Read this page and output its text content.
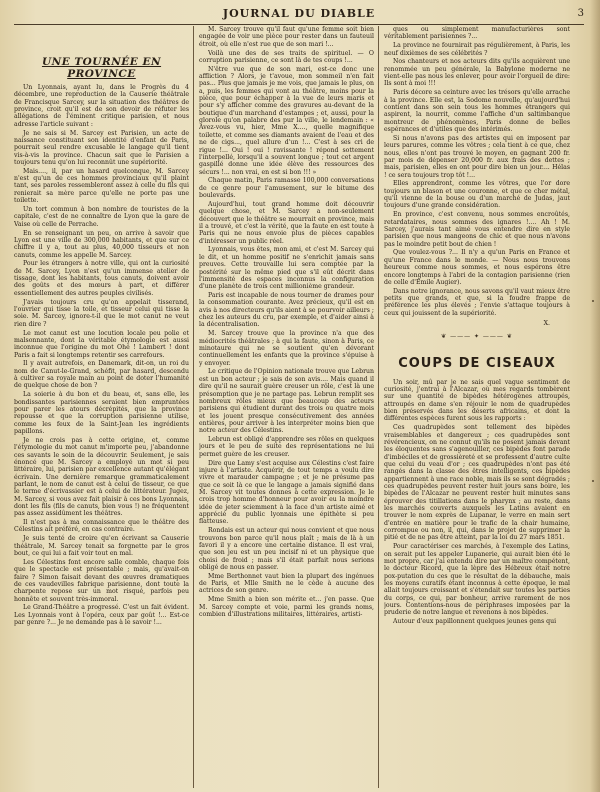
JOURNAL DU DIABLE	3
UNE TOURNÉE EN PROVINCE

Un Lyonnais, ayant lu, dans le Progrès du 4 décembre, une reproduction de la Causerie théâtrale de Francisque Sarcey, sur la situation des théâtres de province, croit qu'il est de son devoir de réfuter les allégations de l'éminent critique parisien, et nous adresse l'article suivant :

Je ne sais si M. Sarcey est Parisien, un acte de naissance constituant son identité d'enfant de Paris, pourrait seul rendre excusable le langage qu'il tient vis-à-vis la province. Chacun sait que le Parisien a toujours tenu qu'on lui reconnût une supériorité.

Mais...., il, par un hasard quelconque, M. Sarcey n'est qu'un de ces hommes provinciaux qu'il plaint tant, ses paroles ressembleront assez à celle du fils qui renierait sa mère parce qu'elle ne porte pas une toilette.

Un tort commun à bon nombre de touristes de la capitale, c'est de ne connaître de Lyon que la gare de Vaise où celle de Perrache.

En se renseignant un peu, on arrive à savoir que Lyon est une ville de 300,000 habitants, et que sur ce chiffre il y a, tout au plus, 40,000 tisseurs et non canuts, comme les appelle M. Sarcey.

Pour les étrangers à notre ville, qui ont la curiosité de M. Sarcey, Lyon n'est qu'un immense atelier de tissage, dont les habitants, tous canuts, doivent avoir des goûts et des mœurs à part, et différer essentiellement des autres peuples civilisés.

J'avais toujours cru qu'on appelait tisserand, l'ouvrier qui tisse la toile, et tisseur celui qui tisse la soie. M. Sarcey, ignore-t-il que le mot canut ne veut rien dire ?

Le mot canut est une locution locale peu polie et malsonnante, dont la véritable étymologie est aussi inconnue que l'origine du mot Ohé ! Lambert ! dont Paris a fait si longtemps retentir ses carrefours.

Il y avait autrefois, en Danemark, dit-on, un roi du nom de Canut-le-Grand, schéfit, par hasard, descendu à cultiver sa royale main au point de doter l'humanité de quelque chose de bon ?

La soierie à du bon et du beau, et, sans elle, les bondissantes parisiennes seraient bien empruntées pour parer les atours décrépités, que la province repousse et que la corruption parisienne utilise, comme les feux de la Saint-Jean les ingrédients papillons.

Je ne crois pas à cette origine, et, comme l'étymologie du mot canut m'importe peu, j'abandonne ces savants le soin de la découvrir. Seulement, je sais énoncé que M. Sarcey a employé un mot si peu littéraire, lui, parisien par excellence autant qu'élégant écrivain. Une dernière remarque grammaticalement parlant, le nom de canut est à celui de tisseur, ce que le terme d'écrivassier est à celui de littérateur. Jugez, M. Sarcey, si vous avez fait plaisir à ces bons Lyonnais, dont les fils (fils de canuts, bien vous !) ne fréquentent pas assez assidûment les théâtres.

Il n'est pas à ma connaissance que le théâtre des Célestins ait préféré, en cas contraire.

Je suis tenté de croire qu'en écrivant sa Causerie théâtrale, M. Sarcey tenait sa forgnette par le gros bout, ce qui lui a fait voir tout en mal.

Les Célestins font encore salle comble, chaque fois que le spectacle est présentable ; mais, qu'avait-on faire ? Simon faisait devant des œuvres dramatiques de ces vaudevilles fabrique parisienne, dont toute la charpente repose sur un mot risqué, parfois peu honnête et souvent très-immoral.

Le Grand-Théâtre a progressé. C'est un fait évident. Les Lyonnais vont à l'opéra, ceux par goût !... Est-ce par genre ?... Je ne demande pas à le savoir !...

M. Sarcey trouve qu'il faut qu'une femme soit bien engagée de voir une pièce pour rester dans un fauteuil étroit, où elle n'est rue que de son mari !...

Voilà une des de ses traits de spirituel. — O corruption parisienne, ce sont là de tes coups !...

N'être vue que de son mari, est-ce donc une affliction ? Alors, je t'avoue, mon sommeil n'en fait pas... Plus que jamais je me vois, que jamais le plus, on a, puis, les femmes qui vont au théâtre, moins pour la pièce, que pour échapper à la vue de leurs maris et pour s'y afficher comme des gravures au-devant de la boutique d'un marchand d'estampes ; et, aussi, pour la glorole qu'on palabre des pur la ville, le lendemain : « Avez-vous vu, hier, Mme X...., quelle magnifique toilette, et comme ses diamants avaient de l'eau et des ne de cigs..., quel allure d'un !... C'est à ses cri de rigue !... Oui ! oui ! ravissante ! répond sottement l'interpellé, lorsqu'il a souvent longue ; tout cet argent gaspillé donne une idée élève des ressources des sécurs !... non vrai, en est si bon !!! »

Chaque matin, Paris ramasse 100,000 conversations de ce genre pour l'amusement, sur le bitume des boulevards.

Aujourd'hui, tout grand homme doit découvrir quelque chose, et M. Sarcey a non-seulement découvert que le théâtre se mourrait en province, mais il a trouvé, et c'est la vérité, que la faute en est toute à Paris qui ne nous envoie plus de pièces capables d'intéresser un public réel.

Lyonnais, vous êtes, mon ami, et c'est M. Sarcey qui le dit, et un homme positif ne s'enrichit jamais sans preuves. Cette trouvaille lui sera comptée par la postérité sur le même pied que s'il eût décrit dans l'immensité des espaces inconnus la configuration d'une planète de trois cent millionième grandeur.

Paris est incapable de nous tourner de drames pour la consommation courante. Avez précieux, qu'il est en avis à nos directeurs qu'ils aient à se pourvoir ailleurs ; chez les auteurs du cru, par exemple, et d'aider ainsi à la décentralisation.

M. Sarcey trouve que la province n'a que des médiocrités théâtrales ; à qui la faute, sinon à Paris, ce minotaure qui ne se soutient qu'en dévorant continuellement les enfants que la province s'épuise à y envoyer.

Le critique de l'Opinion nationale trouve que Lebrun est un bon acteur ; je sais de son avis.... Mais quand il dire qu'il ne saurait guère creuser un rôle, c'est là une présomption que je ne partage pas. Lebrun remplit ses nombreux rôles mieux que beaucoup des acteurs parisiens qui étudient durant des trois ou quatre mois et les jouent presque consécutivement des années entières, pour arriver à les interpréter moins bien que notre acteur des Célestins.

Lebrun est obligé d'apprendre ses rôles en quelques jours et le peu de suite des représentations ne lui permet guère de les creuser.

Dire que Lamy s'est acquise aux Célestins c'est faire injure à l'artiste. Acquérir, de tout temps a voulu dire vivre et marauder campagne ; et je ne présume pas que ce soit là ce que le langage a jamais signifié dans M. Sarcey vit toutes donnes à cette expression. Je le crois trop homme d'honneur pour avoir eu la moindre idée de jeter sciemment à la face d'un artiste aimé et apprécié du public lyonnais une épithète si peu flatteuse.

Rondais est un acteur qui nous convient et que nous trouvons bon parce qu'il nous plaît ; mais de là à un favori il y a encore une certaine distance. Il est vrai, que son jeu est un peu incisif ni et un physique que choisi de froid ; mais s'il était parfait nous serions obligé de nous en passer.

Mme Berthonnet vaut bien la plupart des ingénues de Paris, et Mlle Smith ne le cède à aucune des actrices de son genre.

Mme Smith a bien son mérite et... j'en passe. Que M. Sarcey compte et voie, parmi les grands noms, combien d'illustrations militaires, littéraires, artisti-

ques ou simplement manufacturières sont véritablement parisiennes ?...

La province ne fournirait pas régulièrement, à Paris, les neuf dixièmes de ses célébrités ?

Nos chanteurs et nos acteurs dits qu'ils acquièrent une renommée un peu générale, la Babylone moderne ne vient-elle pas nous les enlever, pour avoir l'orgueil de dire: Ils sont à moi !!!

Paris décore sa ceinture avec les trésors qu'elle arrache à la province. Elle est, la Sodome nouvelle, qu'aujourd'hui contient dans son sein tous les hommes étrangers qui aspirent, la nourrit, comme l'affiche d'un saltimbanque montreur de phénomènes, Paris donne de belles espérances et d'utiles que des intérimés.

Si nous n'avons pas des artistes qui en imposent par leurs parures, comme les vôtres ; cela tient à ce que, chez nous, elles n'ont pas trouvé le moyen, en gagnant 200 fr. par mois de dépenser 20,000 fr. aux frais des dettes ; mais, parisien, elles en ont pour dire bien un jour.... Hélas ! ce sera toujours trop tôt !...

Elles apprendront, comme les vôtres, que l'or dore toujours un blason et une couronne, et que ce cher métal, qu'il vienne de la bouse ou d'un marché de Judas, jaut toujours d'une grande considération.

En province, c'est convenu, nous sommes encroûtés, retardataires, nous sommes des ignares !.... Ah ! M. Sarcey, j'aurais tant aimé vous entendre dire en style parisien que nous mangeons de chic et que nous n'avons pas le moindre petit bout de chien !

Que voulez-vous ?... Il n'y a qu'un Paris en France et qu'une France dans le monde. — Nous nous trouvons heureux comme nous sommes, et nous espérons être encore longtemps à l'abri de la contagion parisienne (rien de celle d'Émile Augier).

Dans notre ignorance, nous savons qu'il vaut mieux être petits que grands, et que, si la foudre frappe de préférence les plus élevés ; l'envie s'attaque toujours à ceux qui jouissent de la supériorité.

X.

❦ ——— ✦ ——— ❦
COUPS DE CISEAUX

Un soir, mû par je ne sais quel vague sentiment de curiosité, j'entrai à l'Alcazar, où mes regards tombèrent sur une quantité de bipèdes hétérogènes attroupés, attroupés en dame s'en réjouir le nom de quadrupèdes bien préservés dans les déserts africains, et dont la différentes espèces furent sous les rapports :

Ces quadrupèdes sont tellement des bipèdes vraisemblables et dangereux ; ces quadrupèdes sont révérencieux, on ne connut qu'ils ne posent jamais devant les éloquentes sans s'agenouiller, ces bipèdes font parade d'imbéciles et de grossièreté et se professent d'autre culte que celui du veau d'or ; ces quadrupèdes n'ont pas été rangés dans la classe des êtres intelligents, ces bipèdes appartiennent à une race noble, mais ils se sont dégradés ; ces quadrupèdes peuvent rester huit jours sans boire, les bipèdes de l'Alcazar ne peuvent rester huit minutes sans éprouver des titillations dans le pharynx ; au reste, dans les marchés couverts auxquels les Latins avaient en trouver le nom exprès de Lupanar, le verre en main sert d'entrée en matière pour le trafic de la chair humaine, corrompue ou non, il, qui, dans le projet de supprimer la pitié et de ne pas être atteint, par la loi du 27 mars 1851.

Pour caractériser ces marchés, à l'exemple des Latins, on serait put les appeler Lupanerie, qui aurait bien été le mot propre, car j'ai entendu dire par un maître compétent, le docteur Ricord, que la lèpre des Hébreux était notre pox-putation du ces que le résultat de la débauche, mais les moyens curatifs étant inconnus à cette époque, le mal allait toujours croissant et s'étendait sur toutes les parties du corps, ce qui, par bonheur, arrive rarement de nos jours. Contentions-nous de périphrases imposées par la pruderie de notre langue et revenons à nos bipèdes.

Autour d'eux papillonnent quelques jeunes gens qui
